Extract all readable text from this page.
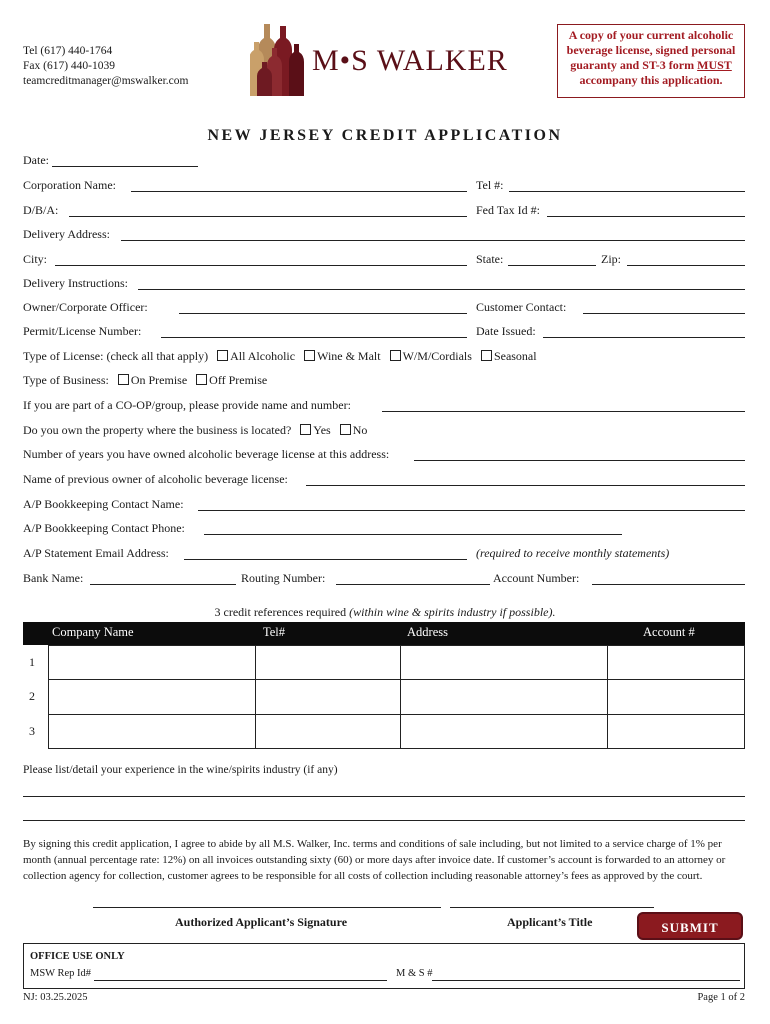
Tel (617) 440-1764
Fax (617) 440-1039
teamcreditmanager@mswalker.com
M•S WALKER
A copy of your current alcoholic
beverage license, signed personal
guaranty and ST-3 form MUST
accompany this application.
NEW JERSEY CREDIT APPLICATION
Date:
Corporation Name:	Tel #:
D/B/A:	Fed Tax Id #:
Delivery Address:
City:	State:	Zip:
Delivery Instructions:
Owner/Corporate Officer:	Customer Contact:
Permit/License Number:	Date Issued:
Type of License: (check all that apply) All Alcoholic Wine & Malt W/M/Cordials Seasonal
Type of Business: On Premise Off Premise
If you are part of a CO-OP/group, please provide name and number:
Do you own the property where the business is located? Yes No
Number of years you have owned alcoholic beverage license at this address:
Name of previous owner of alcoholic beverage license:
A/P Bookkeeping Contact Name:
A/P Bookkeeping Contact Phone:
A/P Statement Email Address:	(required to receive monthly statements)
Bank Name:	Routing Number:	Account Number:
3 credit references required (within wine & spirits industry if possible).
Company Name	Tel#	Address	Account #
1
2
3
Please list/detail your experience in the wine/spirits industry (if any)
By signing this credit application, I agree to abide by all M.S. Walker, Inc. terms and conditions of sale including, but not limited to a service charge of 1% per month (annual percentage rate: 12%) on all invoices outstanding sixty (60) or more days after invoice date. If customer’s account is forwarded to an attorney or collection agency for collection, customer agrees to be responsible for all costs of collection including reasonable attorney’s fees as approved by the court.
Authorized Applicant’s Signature	Applicant’s Title	SUBMIT
OFFICE USE ONLY
MSW Rep Id#	M & S #
NJ: 03.25.2025	Page 1 of 2
